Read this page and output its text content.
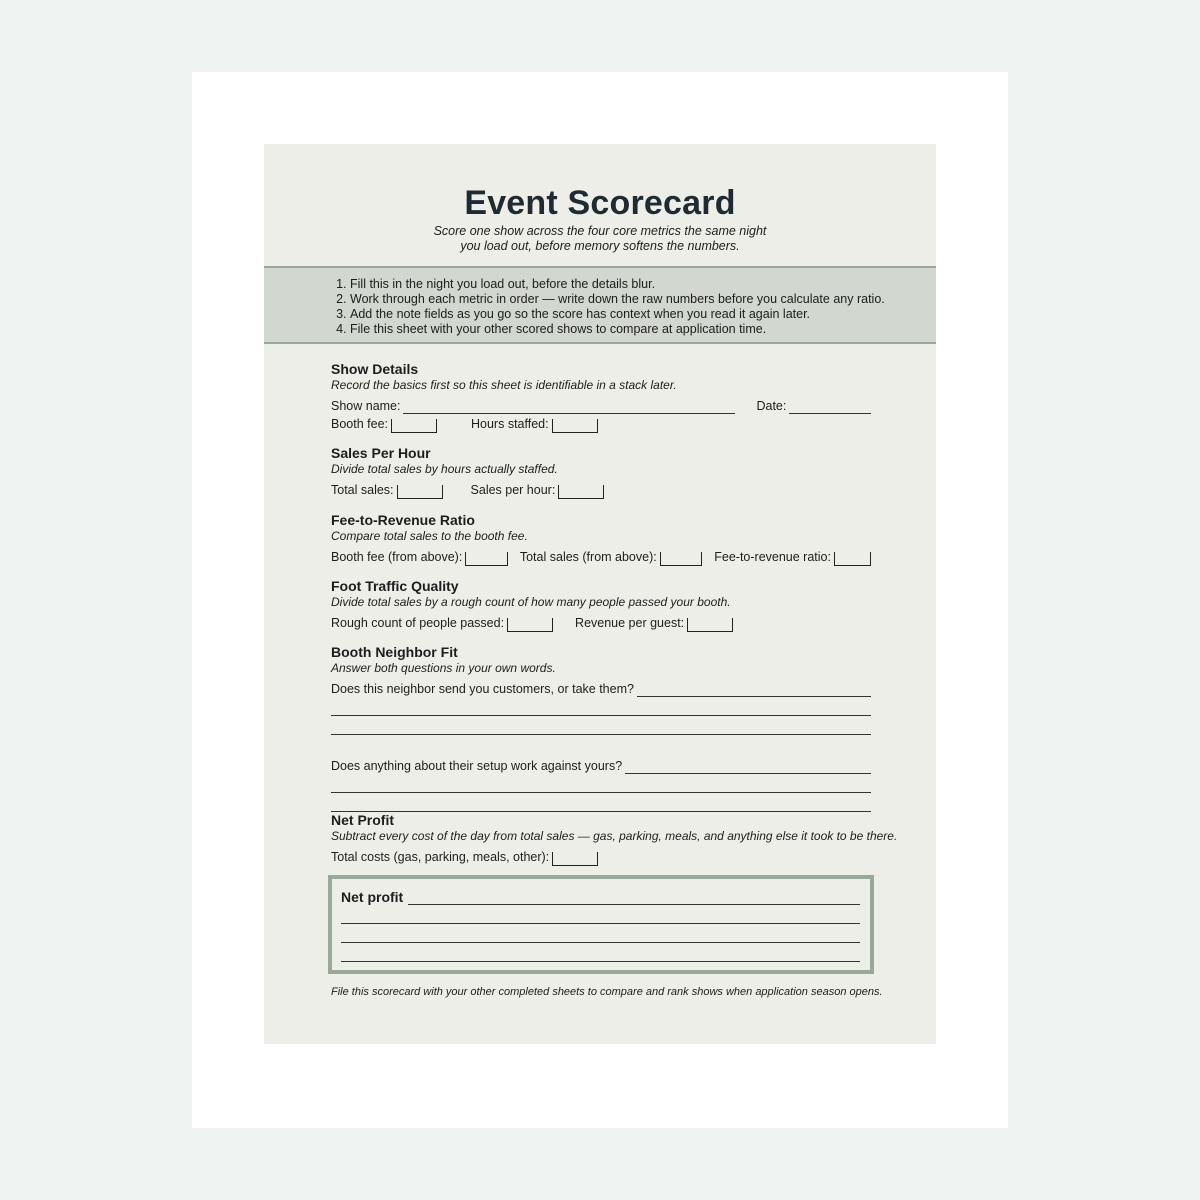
Event Scorecard
Score one show across the four core metrics the same night
you load out, before memory softens the numbers.
1. Fill this in the night you load out, before the details blur.
2. Work through each metric in order — write down the raw numbers before you calculate any ratio.
3. Add the note fields as you go so the score has context when you read it again later.
4. File this sheet with your other scored shows to compare at application time.
Show Details
Record the basics first so this sheet is identifiable in a stack later.
Show name:	Date:
Booth fee:	Hours staffed:
Sales Per Hour
Divide total sales by hours actually staffed.
Total sales:	Sales per hour:
Fee-to-Revenue Ratio
Compare total sales to the booth fee.
Booth fee (from above):	Total sales (from above):	Fee-to-revenue ratio:
Foot Traffic Quality
Divide total sales by a rough count of how many people passed your booth.
Rough count of people passed:	Revenue per guest:
Booth Neighbor Fit
Answer both questions in your own words.
Does this neighbor send you customers, or take them?
Does anything about their setup work against yours?
Net Profit
Subtract every cost of the day from total sales — gas, parking, meals, and anything else it took to be there.
Total costs (gas, parking, meals, other):
Net profit
File this scorecard with your other completed sheets to compare and rank shows when application season opens.
